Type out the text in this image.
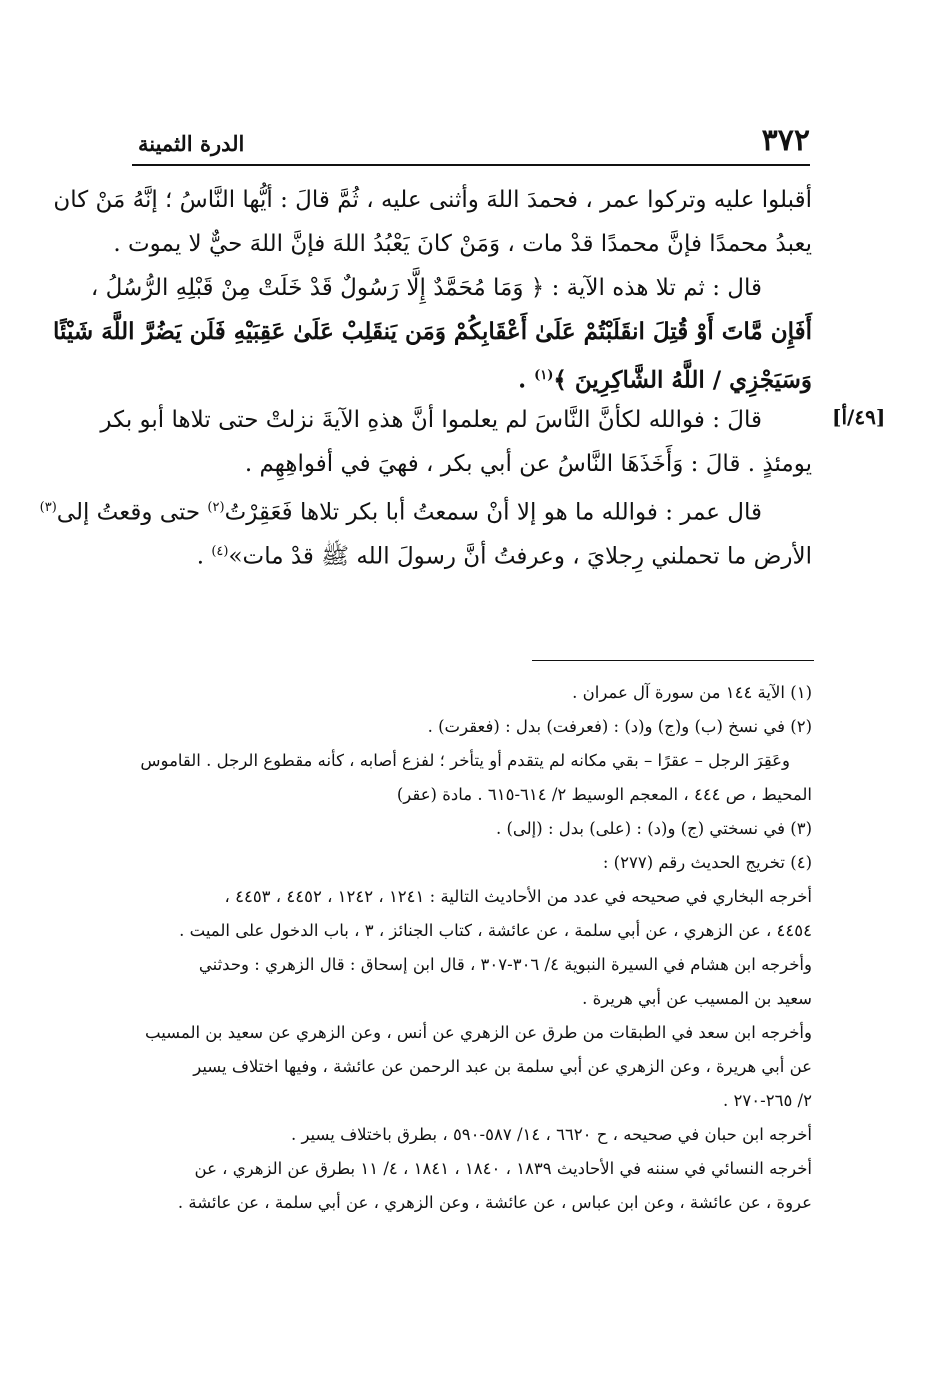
٣٧٢
الدرة الثمينة
[٤٩/أ]
أقبلوا عليه وتركوا عمر ، فحمدَ اللهَ وأثنى عليه ، ثُمَّ قالَ : أيُّها النَّاسُ ؛ إنَّهُ مَنْ كان
يعبدُ محمدًا فإنَّ محمدًا قدْ مات ، وَمَنْ كانَ يَعْبُدُ اللهَ فإنَّ اللهَ حيٌّ لا يموت .
قال : ثم تلا هذه الآية : ﴿ وَمَا مُحَمَّدٌ إِلَّا رَسُولٌ قَدْ خَلَتْ مِنْ قَبْلِهِ الرُّسُلُ ،
أَفَإِن مَّاتَ أَوْ قُتِلَ انقَلَبْتُمْ عَلَىٰ أَعْقَابِكُمْ وَمَن يَنقَلِبْ عَلَىٰ عَقِبَيْهِ فَلَن يَضُرَّ اللَّهَ شَيْئًا
وَسَيَجْزِي / اللَّهُ الشَّاكِرِينَ ﴾$^{(١)}$ .
قالَ : فوالله لكأنَّ النَّاسَ لم يعلموا أنَّ هذهِ الآيةَ نزلتْ حتى تلاها أبو بكر
يومئذٍ . قالَ : وَأَخَذَهَا النَّاسُ عن أبي بكر ، فهيَ في أفواهِهِم .
قال عمر : فوالله ما هو إلا أنْ سمعتُ أبا بكر تلاها فَعَقِرْتُ$^{(٢)}$ حتى وقعتُ إلى$^{(٣)}$
الأرض ما تحملني رِجلايَ ، وعرفتُ أنَّ رسولَ الله ﷺ قدْ مات»$^{(٤)}$ .
(١) الآية ١٤٤ من سورة آل عمران .
(٢) في نسخ (ب) و(ج) و(د) : (فعرفت) بدل : (فعقرت) .
وعَقِرَ الرجل – عقرًا – بقي مكانه لم يتقدم أو يتأخر ؛ لفزع أصابه ، كأنه مقطوع الرجل . القاموس
المحيط ، ص ٤٤٤ ، المعجم الوسيط ٢/ ٦١٤-٦١٥ . مادة (عقر)
(٣) في نسختي (ج) و(د) : (على) بدل : (إلى) .
(٤) تخريج الحديث رقم (٢٧٧) :
أخرجه البخاري في صحيحه في عدد من الأحاديث التالية : ١٢٤١ ، ١٢٤٢ ، ٤٤٥٢ ، ٤٤٥٣ ،
٤٤٥٤ ، عن الزهري ، عن أبي سلمة ، عن عائشة ، كتاب الجنائز ، ٣ ، باب الدخول على الميت .
وأخرجه ابن هشام في السيرة النبوية ٤/ ٣٠٦-٣٠٧ ، قال ابن إسحاق : قال الزهري : وحدثني
سعيد بن المسيب عن أبي هريرة .
وأخرجه ابن سعد في الطبقات من طرق عن الزهري عن أنس ، وعن الزهري عن سعيد بن المسيب
عن أبي هريرة ، وعن الزهري عن أبي سلمة بن عبد الرحمن عن عائشة ، وفيها اختلاف يسير
٢/ ٢٦٥-٢٧٠ .
أخرجه ابن حبان في صحيحه ، ح ٦٦٢٠ ، ١٤/ ٥٨٧-٥٩٠ ، بطرق باختلاف يسير .
أخرجه النسائي في سننه في الأحاديث ١٨٣٩ ، ١٨٤٠ ، ١٨٤١ ، ٤/ ١١ بطرق عن الزهري ، عن
عروة ، عن عائشة ، وعن ابن عباس ، عن عائشة ، وعن الزهري ، عن أبي سلمة ، عن عائشة .
